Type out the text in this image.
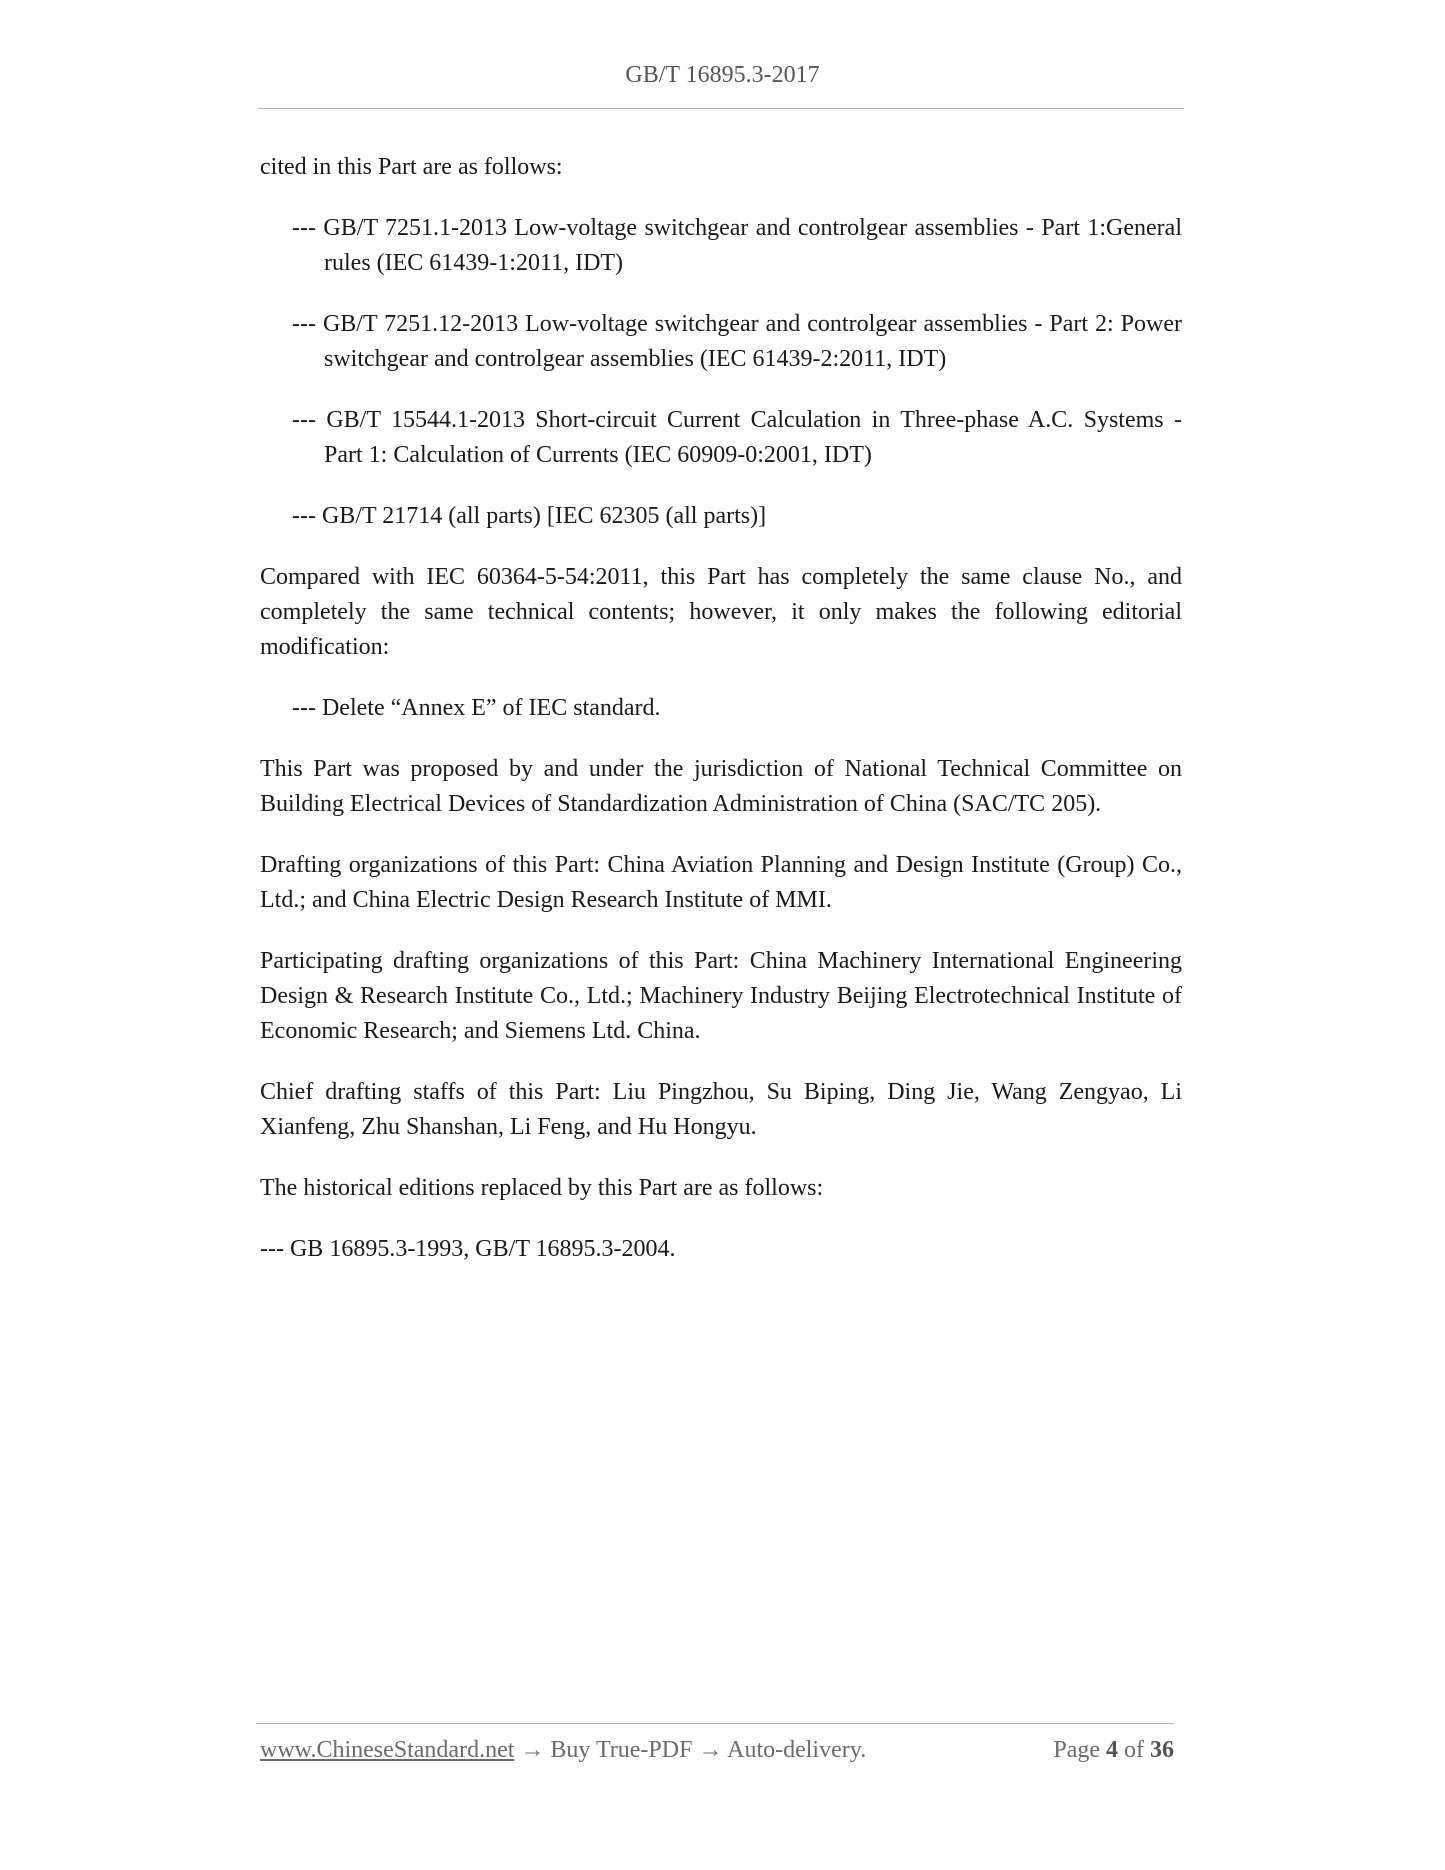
GB/T 16895.3-2017

cited in this Part are as follows:

--- GB/T 7251.1-2013 Low-voltage switchgear and controlgear assemblies - Part 1:General rules (IEC 61439-1:2011, IDT)

--- GB/T 7251.12-2013 Low-voltage switchgear and controlgear assemblies - Part 2: Power switchgear and controlgear assemblies (IEC 61439-2:2011, IDT)

--- GB/T 15544.1-2013 Short-circuit Current Calculation in Three-phase A.C. Systems - Part 1: Calculation of Currents (IEC 60909-0:2001, IDT)

--- GB/T 21714 (all parts) [IEC 62305 (all parts)]

Compared with IEC 60364-5-54:2011, this Part has completely the same clause No., and completely the same technical contents; however, it only makes the following editorial modification:

--- Delete “Annex E” of IEC standard.

This Part was proposed by and under the jurisdiction of National Technical Committee on Building Electrical Devices of Standardization Administration of China (SAC/TC 205).

Drafting organizations of this Part: China Aviation Planning and Design Institute (Group) Co., Ltd.; and China Electric Design Research Institute of MMI.

Participating drafting organizations of this Part: China Machinery International Engineering Design & Research Institute Co., Ltd.; Machinery Industry Beijing Electrotechnical Institute of Economic Research; and Siemens Ltd. China.

Chief drafting staffs of this Part: Liu Pingzhou, Su Biping, Ding Jie, Wang Zengyao, Li Xianfeng, Zhu Shanshan, Li Feng, and Hu Hongyu.

The historical editions replaced by this Part are as follows:

--- GB 16895.3-1993, GB/T 16895.3-2004.

www.ChineseStandard.net → Buy True-PDF → Auto-delivery.	Page 4 of 36
